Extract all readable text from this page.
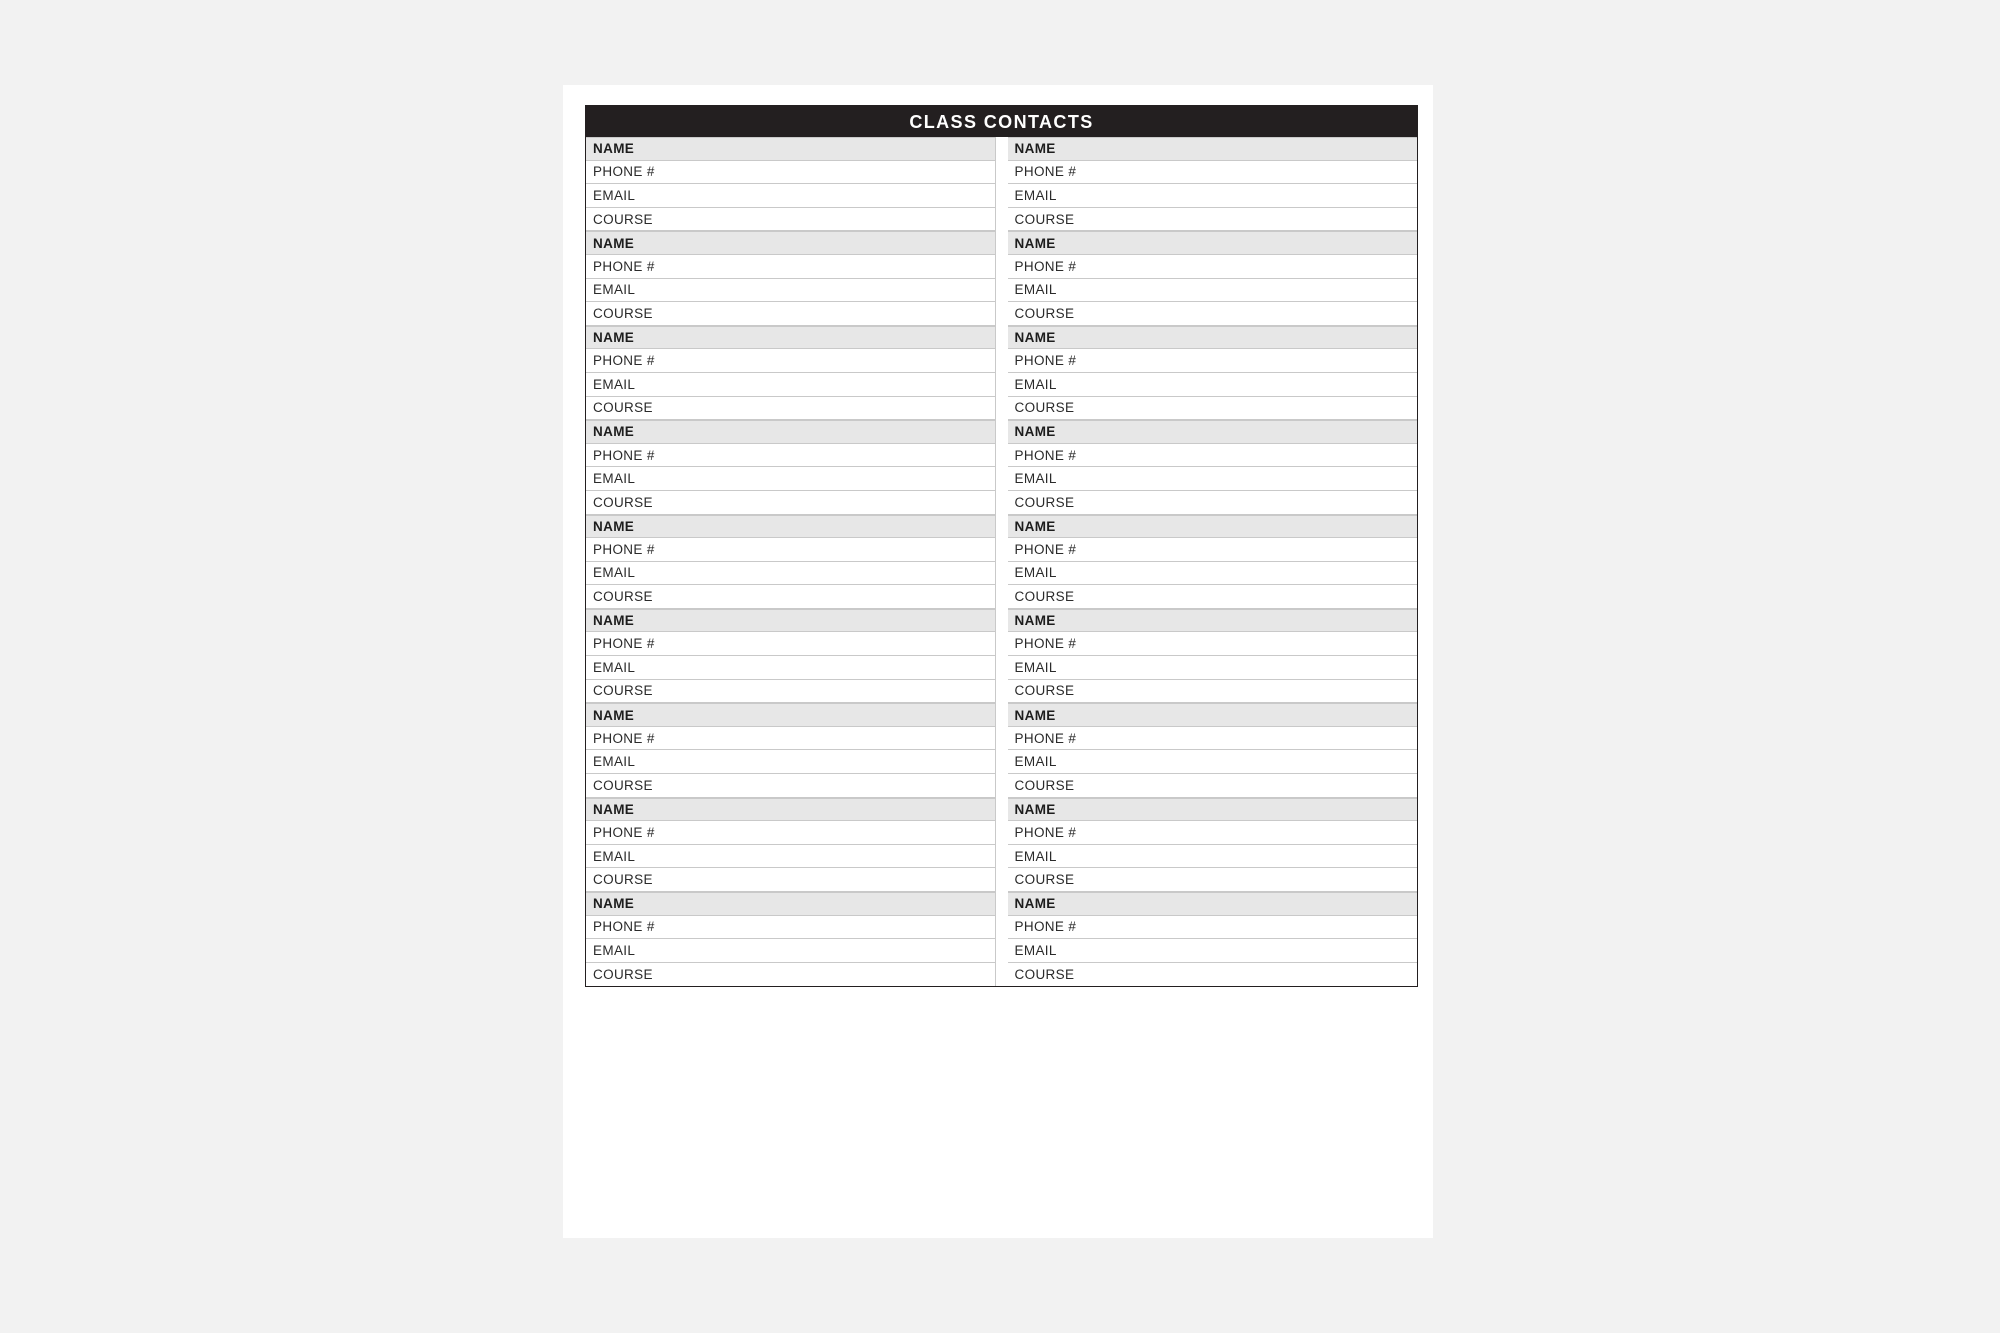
CLASS CONTACTS
NAME
PHONE #
EMAIL
COURSE
NAME
PHONE #
EMAIL
COURSE
NAME
PHONE #
EMAIL
COURSE
NAME
PHONE #
EMAIL
COURSE
NAME
PHONE #
EMAIL
COURSE
NAME
PHONE #
EMAIL
COURSE
NAME
PHONE #
EMAIL
COURSE
NAME
PHONE #
EMAIL
COURSE
NAME
PHONE #
EMAIL
COURSE
NAME
PHONE #
EMAIL
COURSE
NAME
PHONE #
EMAIL
COURSE
NAME
PHONE #
EMAIL
COURSE
NAME
PHONE #
EMAIL
COURSE
NAME
PHONE #
EMAIL
COURSE
NAME
PHONE #
EMAIL
COURSE
NAME
PHONE #
EMAIL
COURSE
NAME
PHONE #
EMAIL
COURSE
NAME
PHONE #
EMAIL
COURSE
